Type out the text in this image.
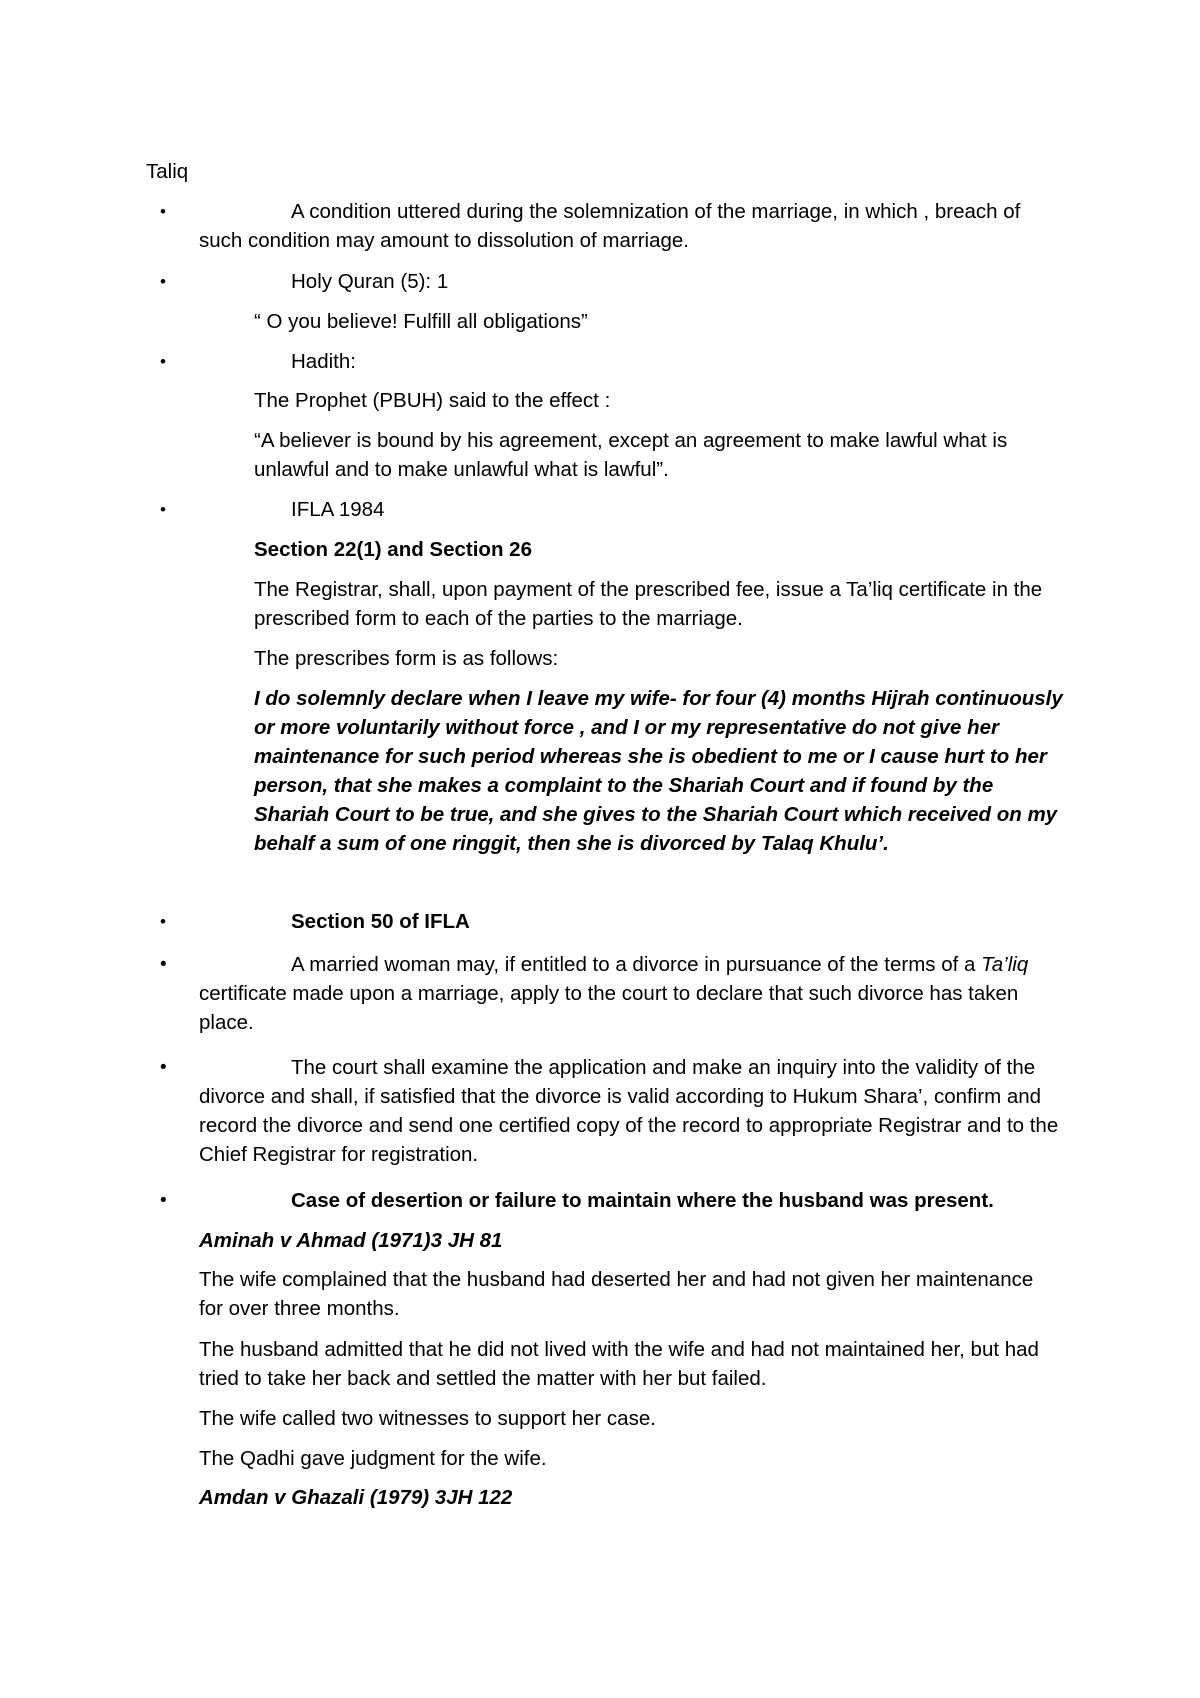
Taliq
•	A condition uttered during the solemnization of the marriage, in which , breach of such condition may amount to dissolution of marriage.
•	Holy Quran (5): 1
“ O you believe! Fulfill all obligations”
•	Hadith:
The Prophet (PBUH) said to the effect :
“A believer is bound by his agreement, except an agreement to make lawful what is unlawful and to make unlawful what is lawful”.
•	IFLA 1984
Section 22(1) and Section 26
The Registrar, shall, upon payment of the prescribed fee, issue a Ta’liq certificate in the prescribed form to each of the parties to the marriage.
The prescribes form is as follows:
I do solemnly declare when I leave my wife- for four (4) months Hijrah continuously or more voluntarily without force , and I or my representative do not give her maintenance for such period whereas she is obedient to me or I cause hurt to her person, that she makes a complaint to the Shariah Court and if found by the Shariah Court to be true, and she gives to the Shariah Court which received on my behalf a sum of one ringgit, then she is divorced by Talaq Khulu’.
•	Section 50 of IFLA
•	A married woman may, if entitled to a divorce in pursuance of the terms of a Ta’liq certificate made upon a marriage, apply to the court to declare that such divorce has taken place.
•	The court shall examine the application and make an inquiry into the validity of the divorce and shall, if satisfied that the divorce is valid according to Hukum Shara’, confirm and record the divorce and send one certified copy of the record to appropriate Registrar and to the Chief Registrar for registration.
•	Case of desertion or failure to maintain where the husband was present.
Aminah v Ahmad (1971)3 JH 81
The wife complained that the husband had deserted her and had not given her maintenance for over three months.
The husband admitted that he did not lived with the wife and had not maintained her, but had tried to take her back and settled the matter with her but failed.
The wife called two witnesses to support her case.
The Qadhi gave judgment for the wife.
Amdan v Ghazali (1979) 3JH 122
